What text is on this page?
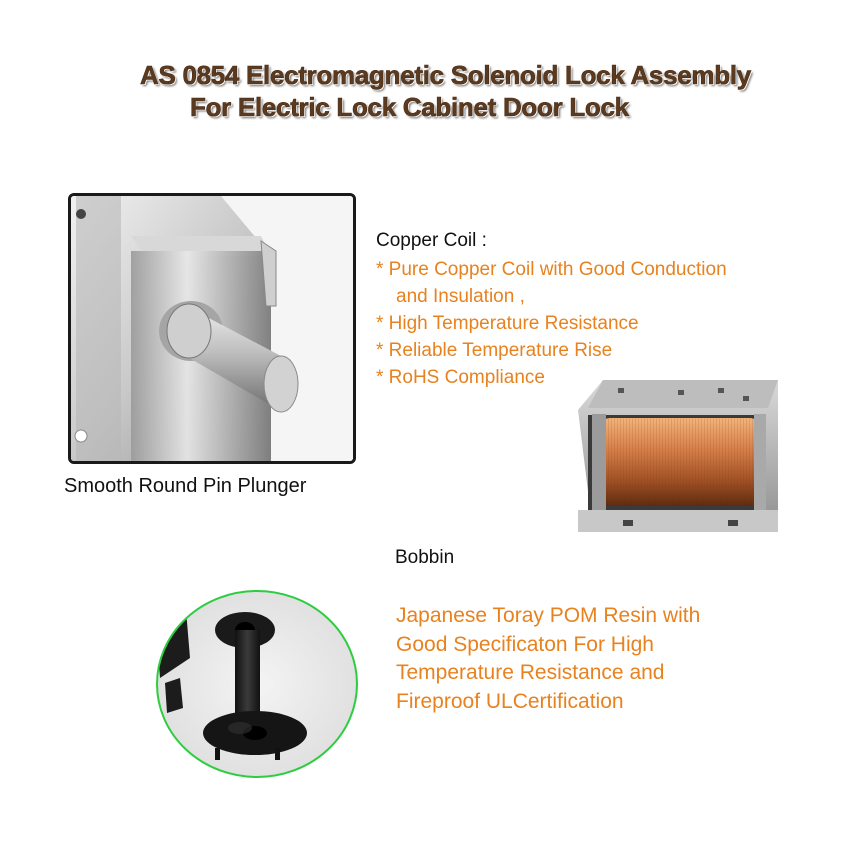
AS 0854 Electromagnetic Solenoid Lock Assembly
For Electric Lock Cabinet Door Lock
Smooth Round Pin Plunger
Copper Coil :
* Pure Copper Coil with Good Conduction
and Insulation ,
* High Temperature Resistance
* Reliable Temperature Rise
* RoHS Compliance
Bobbin
Japanese Toray POM Resin with
Good Specificaton For High
Temperature Resistance and
Fireproof ULCertification
